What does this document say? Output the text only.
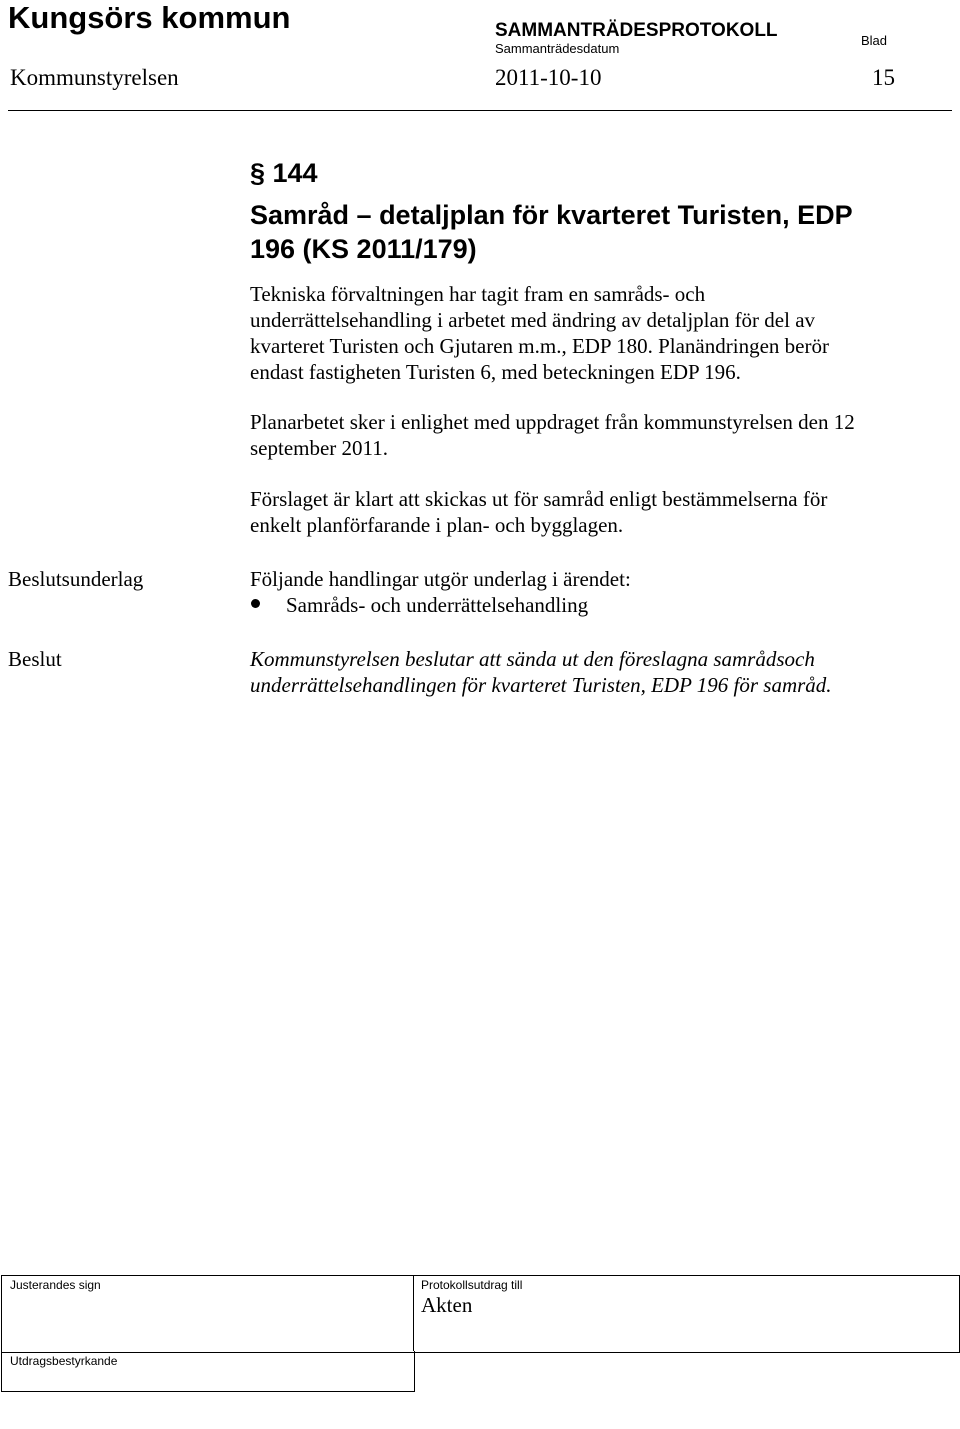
Kungsörs kommun	SAMMANTRÄDESPROTOKOLL
Sammanträdesdatum
Blad
Kommunstyrelsen	2011-10-10	15
§ 144
Samråd – detaljplan för kvarteret Turisten, EDP 196 (KS 2011/179)
Tekniska förvaltningen har tagit fram en samråds- och underrättelsehandling i arbetet med ändring av detaljplan för del av kvarteret Turisten och Gjutaren m.m., EDP 180. Planändringen berör endast fastigheten Turisten 6, med beteckningen EDP 196.
Planarbetet sker i enlighet med uppdraget från kommunstyrelsen den 12 september 2011.
Förslaget är klart att skickas ut för samråd enligt bestämmelserna för enkelt planförfarande i plan- och bygglagen.
Beslutsunderlag	Följande handlingar utgör underlag i ärendet:
Samråds- och underrättelsehandling
Beslut	Kommunstyrelsen beslutar att sända ut den föreslagna samrådsoch underrättelsehandlingen för kvarteret Turisten, EDP 196 för samråd.
Justerandes sign	Protokollsutdrag till
Akten
Utdragsbestyrkande
